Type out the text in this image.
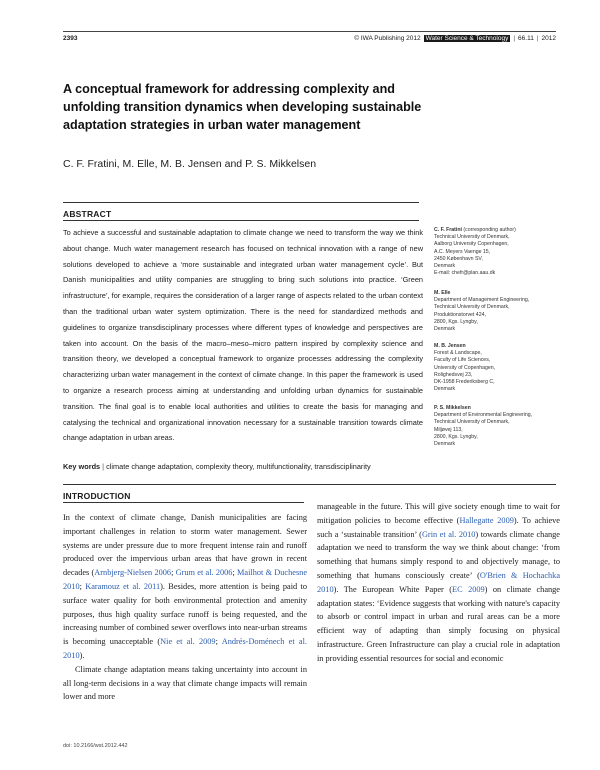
2393	© IWA Publishing 2012 Water Science & Technology | 66.11 | 2012
A conceptual framework for addressing complexity and unfolding transition dynamics when developing sustainable adaptation strategies in urban water management
C. F. Fratini, M. Elle, M. B. Jensen and P. S. Mikkelsen
ABSTRACT
To achieve a successful and sustainable adaptation to climate change we need to transform the way we think about change. Much water management research has focused on technical innovation with a range of new solutions developed to achieve a ‘more sustainable and integrated urban water management cycle’. But Danish municipalities and utility companies are struggling to bring such solutions into practice. ‘Green infrastructure’, for example, requires the consideration of a larger range of aspects related to the urban context than the traditional urban water system optimization. There is the need for standardized methods and guidelines to organize transdisciplinary processes where different types of knowledge and perspectives are taken into account. On the basis of the macro–meso–micro pattern inspired by complexity science and transition theory, we developed a conceptual framework to organize processes addressing the complexity characterizing urban water management in the context of climate change. In this paper the framework is used to organize a research process aiming at understanding and unfolding urban dynamics for sustainable transition. The final goal is to enable local authorities and utilities to create the basis for managing and catalysing the technical and organizational innovation necessary for a sustainable transition towards climate change adaptation in urban areas.
Key words | climate change adaptation, complexity theory, multifunctionality, transdisciplinarity
C. F. Fratini (corresponding author)
Technical University of Denmark,
Aalborg University Copenhagen,
A.C. Meyers Vaenge 15,
2450 København SV,
Denmark
E-mail: chefr@plan.aau.dk
M. Elle
Department of Management Engineering,
Technical University of Denmark,
Produktionstorvet 424,
2800, Kgs. Lyngby,
Denmark
M. B. Jensen
Forest & Landscape,
Faculty of Life Sciences,
University of Copenhagen,
Rolighedsvej 23,
DK-1958 Frederiksberg C,
Denmark
P. S. Mikkelsen
Department of Environmental Engineering,
Technical University of Denmark,
Miljøvej 113,
2800, Kgs. Lyngby,
Denmark
INTRODUCTION

In the context of climate change, Danish municipalities are facing important challenges in relation to storm water management. Sewer systems are under pressure due to more frequent intense rain and runoff produced over the impervious urban areas that have grown in recent decades (Arnbjerg-Nielsen 2006; Grum et al. 2006; Mailhot & Duchesne 2010; Karamouz et al. 2011). Besides, more attention is being paid to surface water quality for both environmental protection and amenity purposes, thus high quality surface runoff is being requested, and the increasing number of combined sewer overflows into near-urban streams is becoming unacceptable (Nie et al. 2009; Andrés-Doménech et al. 2010).

Climate change adaptation means taking uncertainty into account in all long-term decisions in a way that climate change impacts will remain lower and more

manageable in the future. This will give society enough time to wait for mitigation policies to become effective (Hallegatte 2009). To achieve such a ‘sustainable transition’ (Grin et al. 2010) towards climate change adaptation we need to transform the way we think about change: ‘from something that humans simply respond to and objectively manage, to something that humans consciously create’ (O'Brien & Hochachka 2010). The European White Paper (EC 2009) on climate change adaptation states: ‘Evidence suggests that working with nature's capacity to absorb or control impact in urban and rural areas can be a more efficient way of adapting than simply focusing on physical infrastructure. Green Infrastructure can play a crucial role in adaptation in providing essential resources for social and economic

doi: 10.2166/wst.2012.442
